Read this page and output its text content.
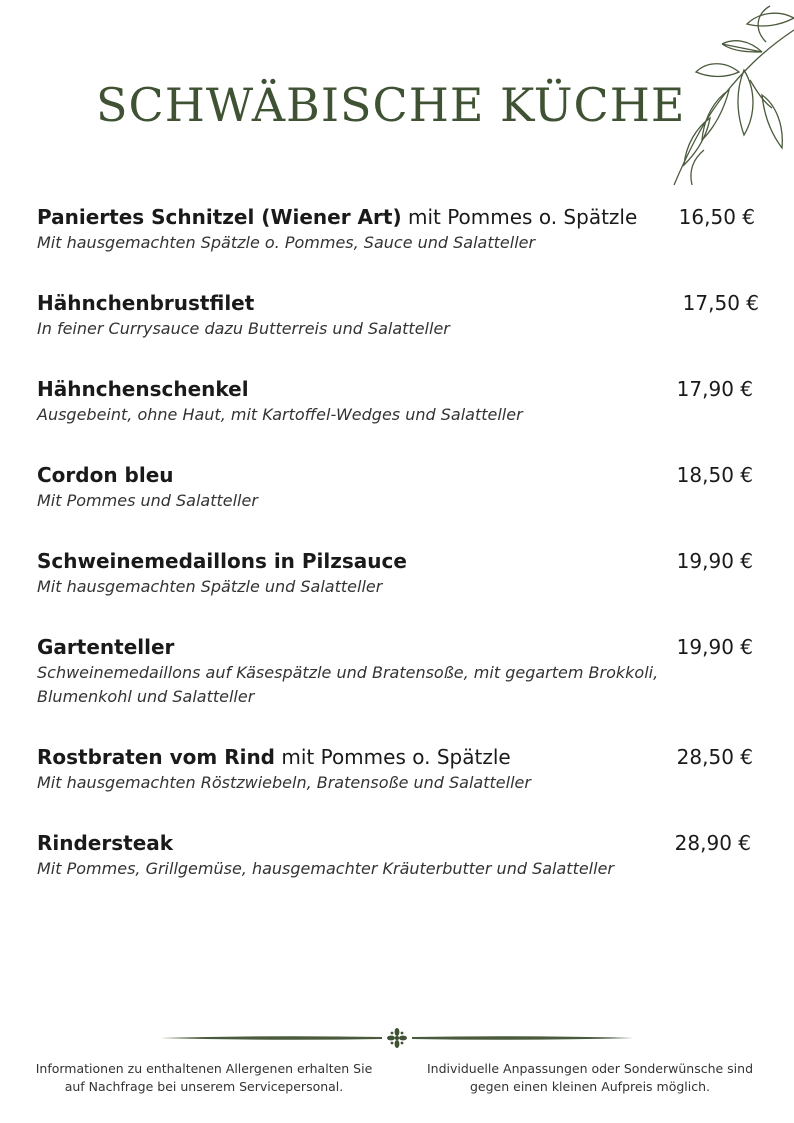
SCHWÄBISCHE KÜCHE
Paniertes Schnitzel (Wiener Art) mit Pommes o. Spätzle 16,50 €
Mit hausgemachten Spätzle o. Pommes, Sauce und Salatteller
Hähnchenbrustfilet	17,50 €
In feiner Currysauce dazu Butterreis und Salatteller
Hähnchenschenkel	17,90 €
Ausgebeint, ohne Haut, mit Kartoffel-Wedges und Salatteller
Cordon bleu	18,50 €
Mit Pommes und Salatteller
Schweinemedaillons in Pilzsauce	19,90 €
Mit hausgemachten Spätzle und Salatteller
Gartenteller	19,90 €
Schweinemedaillons auf Käsespätzle und Bratensoße, mit gegartem Brokkoli, Blumenkohl und Salatteller
Rostbraten vom Rind mit Pommes o. Spätzle	28,50 €
Mit hausgemachten Röstzwiebeln, Bratensoße und Salatteller
Rindersteak	28,90 €
Mit Pommes, Grillgemüse, hausgemachter Kräuterbutter und Salatteller
Informationen zu enthaltenen Allergenen erhalten Sie auf Nachfrage bei unserem Servicepersonal.
Individuelle Anpassungen oder Sonderwünsche sind gegen einen kleinen Aufpreis möglich.
